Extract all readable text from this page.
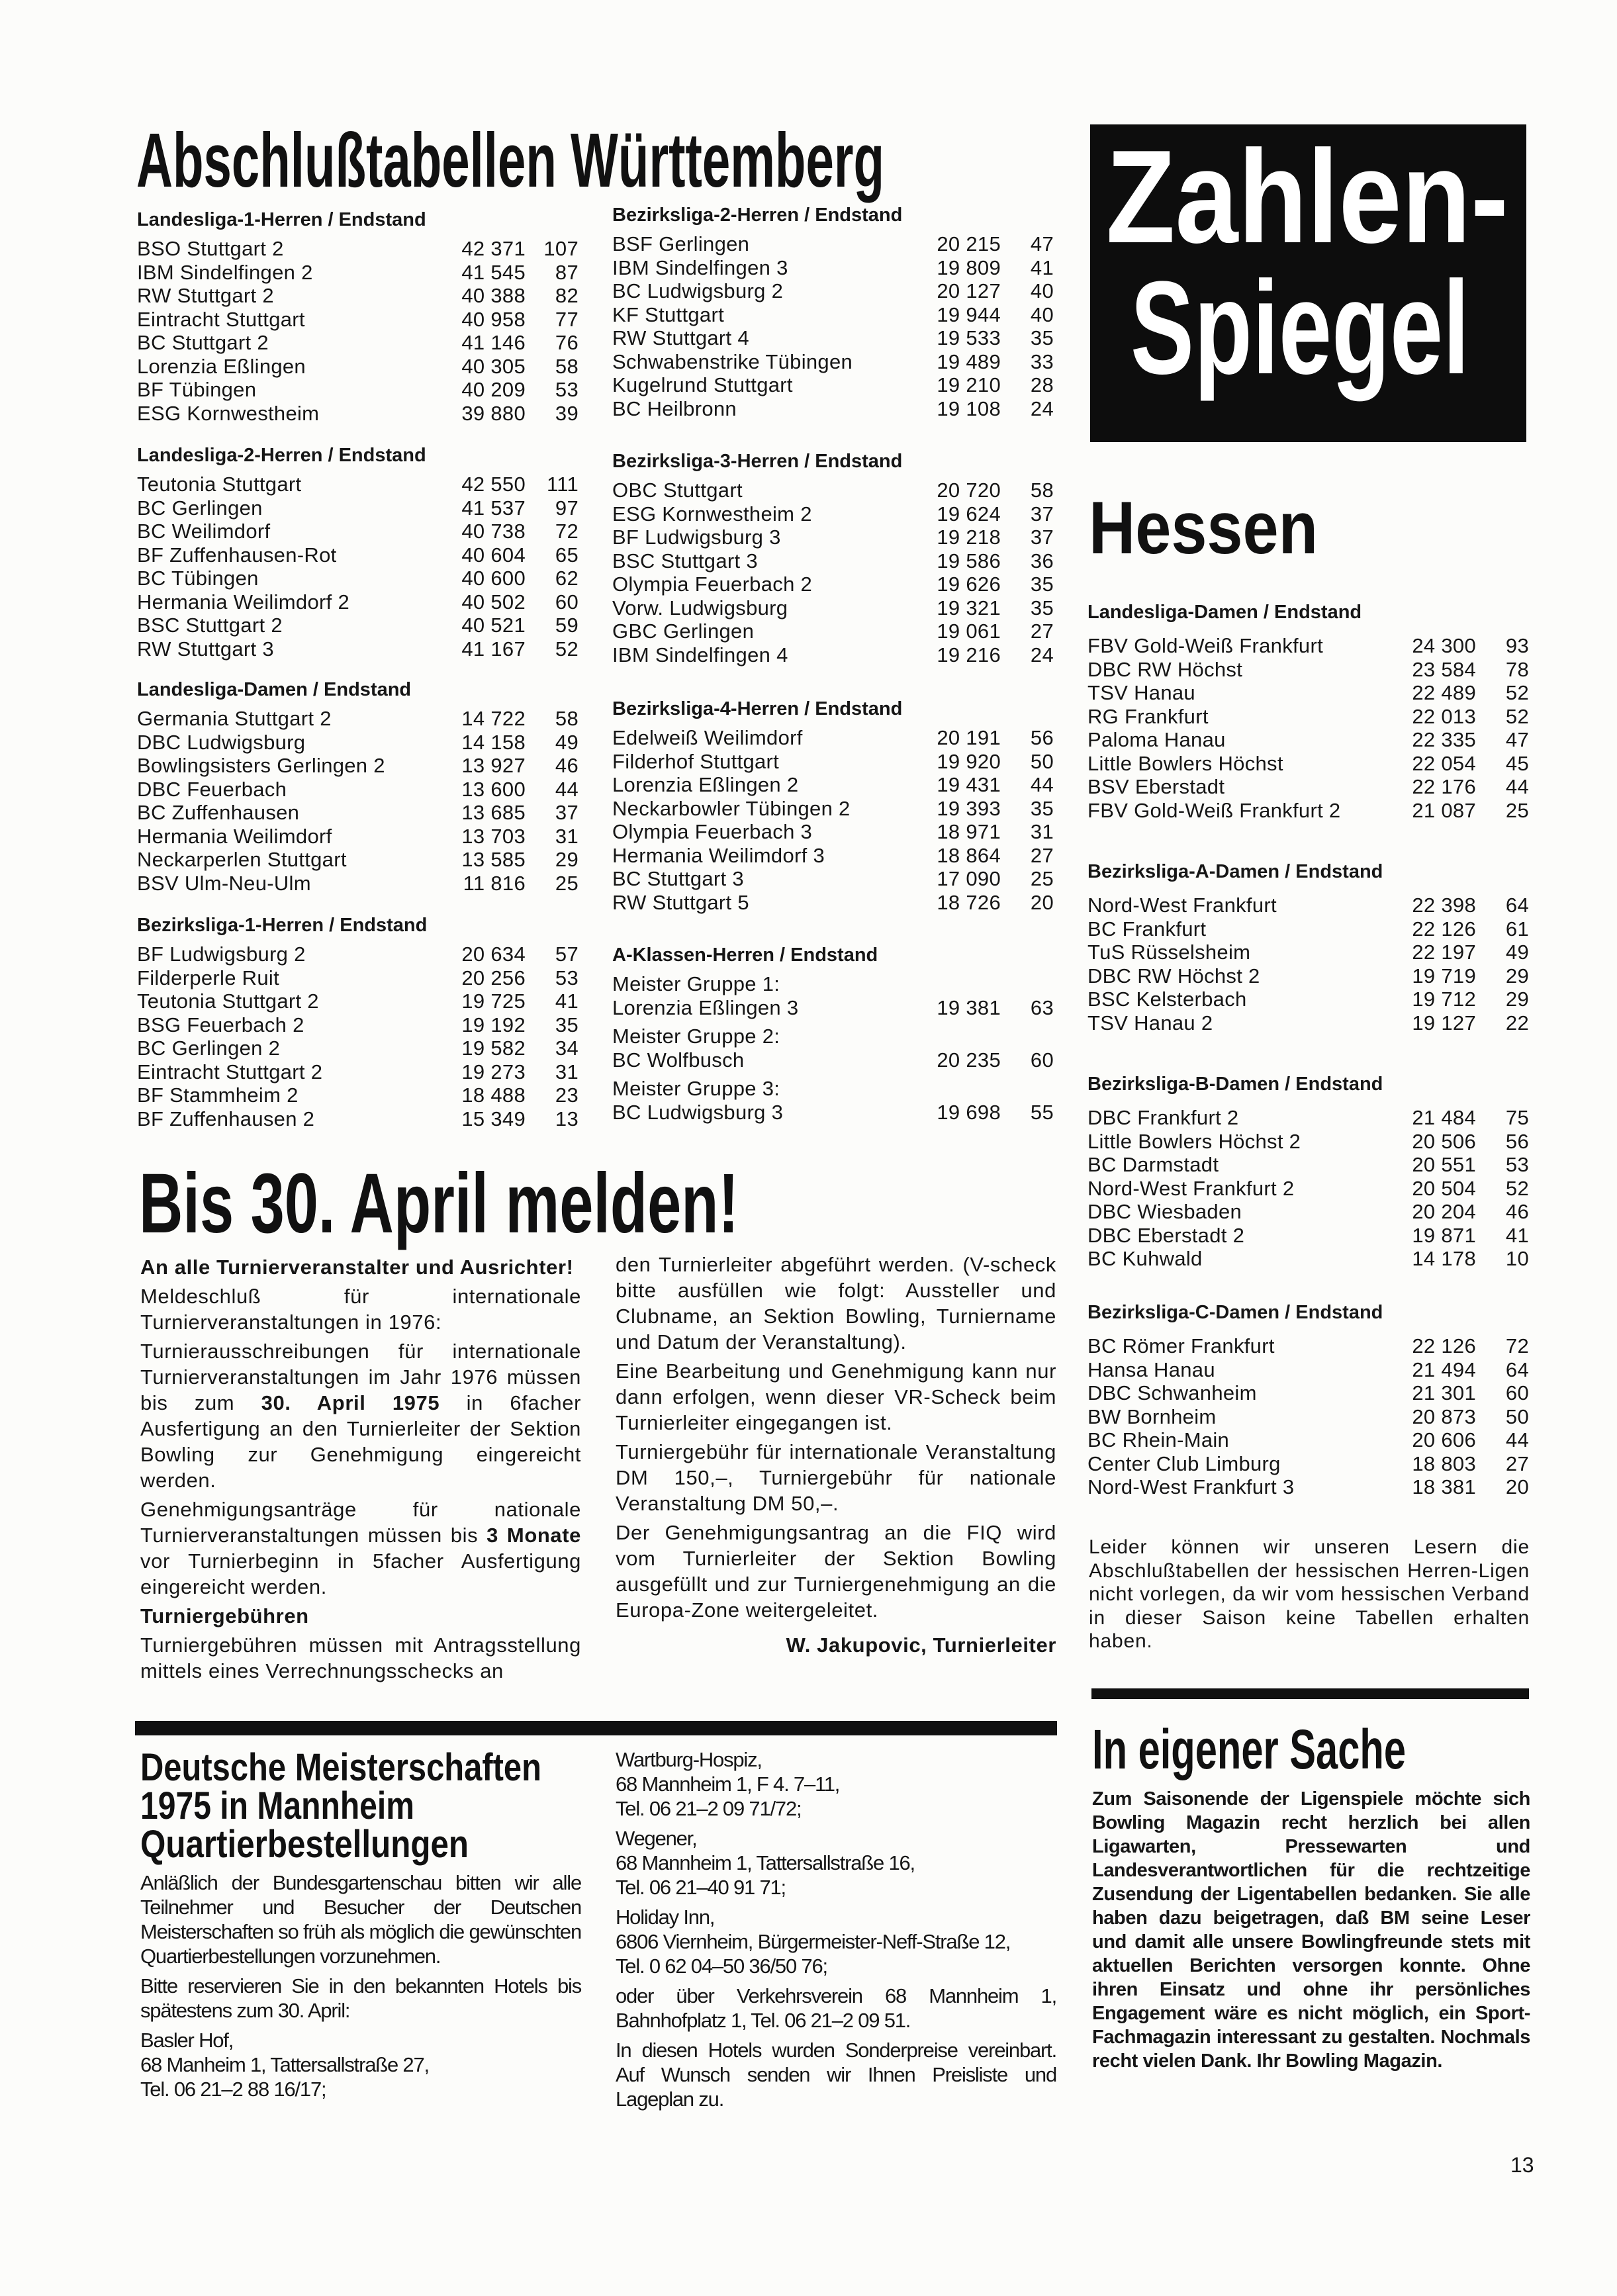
Abschlußtabellen Württemberg
Landesliga-1-Herren / Endstand
BSO Stuttgart 2	42 371 107
IBM Sindelfingen 2	41 545 87
RW Stuttgart 2	40 388 82
Eintracht Stuttgart	40 958 77
BC Stuttgart 2	41 146 76
Lorenzia Eßlingen	40 305 58
BF Tübingen	40 209 53
ESG Kornwestheim	39 880 39
Landesliga-2-Herren / Endstand
Teutonia Stuttgart	42 550 111
BC Gerlingen	41 537 97
BC Weilimdorf	40 738 72
BF Zuffenhausen-Rot	40 604 65
BC Tübingen	40 600 62
Hermania Weilimdorf 2	40 502 60
BSC Stuttgart 2	40 521 59
RW Stuttgart 3	41 167 52
Landesliga-Damen / Endstand
Germania Stuttgart 2	14 722 58
DBC Ludwigsburg	14 158 49
Bowlingsisters Gerlingen 2	13 927 46
DBC Feuerbach	13 600 44
BC Zuffenhausen	13 685 37
Hermania Weilimdorf	13 703 31
Neckarperlen Stuttgart	13 585 29
BSV Ulm-Neu-Ulm	11 816 25
Bezirksliga-1-Herren / Endstand
BF Ludwigsburg 2	20 634 57
Filderperle Ruit	20 256 53
Teutonia Stuttgart 2	19 725 41
BSG Feuerbach 2	19 192 35
BC Gerlingen 2	19 582 34
Eintracht Stuttgart 2	19 273 31
BF Stammheim 2	18 488 23
BF Zuffenhausen 2	15 349 13
Bezirksliga-2-Herren / Endstand
BSF Gerlingen	20 215 47
IBM Sindelfingen 3	19 809 41
BC Ludwigsburg 2	20 127 40
KF Stuttgart	19 944 40
RW Stuttgart 4	19 533 35
Schwabenstrike Tübingen	19 489 33
Kugelrund Stuttgart	19 210 28
BC Heilbronn	19 108 24
Bezirksliga-3-Herren / Endstand
OBC Stuttgart	20 720 58
ESG Kornwestheim 2	19 624 37
BF Ludwigsburg 3	19 218 37
BSC Stuttgart 3	19 586 36
Olympia Feuerbach 2	19 626 35
Vorw. Ludwigsburg	19 321 35
GBC Gerlingen	19 061 27
IBM Sindelfingen 4	19 216 24
Bezirksliga-4-Herren / Endstand
Edelweiß Weilimdorf	20 191 56
Filderhof Stuttgart	19 920 50
Lorenzia Eßlingen 2	19 431 44
Neckarbowler Tübingen 2	19 393 35
Olympia Feuerbach 3	18 971 31
Hermania Weilimdorf 3	18 864 27
BC Stuttgart 3	17 090 25
RW Stuttgart 5	18 726 20
A-Klassen-Herren / Endstand
Meister Gruppe 1:
Lorenzia Eßlingen 3	19 381 63
Meister Gruppe 2:
BC Wolfbusch	20 235 60
Meister Gruppe 3:
BC Ludwigsburg 3	19 698 55
Zahlen-
Spiegel
Hessen
Landesliga-Damen / Endstand
FBV Gold-Weiß Frankfurt	24 300 93
DBC RW Höchst	23 584 78
TSV Hanau	22 489 52
RG Frankfurt	22 013 52
Paloma Hanau	22 335 47
Little Bowlers Höchst	22 054 45
BSV Eberstadt	22 176 44
FBV Gold-Weiß Frankfurt 2	21 087 25
Bezirksliga-A-Damen / Endstand
Nord-West Frankfurt	22 398 64
BC Frankfurt	22 126 61
TuS Rüsselsheim	22 197 49
DBC RW Höchst 2	19 719 29
BSC Kelsterbach	19 712 29
TSV Hanau 2	19 127 22
Bezirksliga-B-Damen / Endstand
DBC Frankfurt 2	21 484 75
Little Bowlers Höchst 2	20 506 56
BC Darmstadt	20 551 53
Nord-West Frankfurt 2	20 504 52
DBC Wiesbaden	20 204 46
DBC Eberstadt 2	19 871 41
BC Kuhwald	14 178 10
Bezirksliga-C-Damen / Endstand
BC Römer Frankfurt	22 126 72
Hansa Hanau	21 494 64
DBC Schwanheim	21 301 60
BW Bornheim	20 873 50
BC Rhein-Main	20 606 44
Center Club Limburg	18 803 27
Nord-West Frankfurt 3	18 381 20
Leider können wir unseren Lesern die Abschlußtabellen der hessischen Herren-Ligen nicht vorlegen, da wir vom hessischen Verband in dieser Saison keine Tabellen erhalten haben.
Bis 30. April melden!

An alle Turnierveranstalter und Ausrichter!

Meldeschluß für internationale Turnierveranstaltungen in 1976:

Turnierausschreibungen für internationale Turnierveranstaltungen im Jahr 1976 müssen bis zum 30. April 1975 in 6facher Ausfertigung an den Turnierleiter der Sektion Bowling zur Genehmigung eingereicht werden.

Genehmigungsanträge für nationale Turnierveranstaltungen müssen bis 3 Monate vor Turnierbeginn in 5facher Ausfertigung eingereicht werden.

Turniergebühren

Turniergebühren müssen mit Antragsstellung mittels eines Verrechnungsschecks an

den Turnierleiter abgeführt werden. (V-scheck bitte ausfüllen wie folgt: Aussteller und Clubname, an Sektion Bowling, Turniername und Datum der Veranstaltung).

Eine Bearbeitung und Genehmigung kann nur dann erfolgen, wenn dieser VR-Scheck beim Turnierleiter eingegangen ist.

Turniergebühr für internationale Veranstaltung DM 150,–, Turniergebühr für nationale Veranstaltung DM 50,–.

Der Genehmigungsantrag an die FIQ wird vom Turnierleiter der Sektion Bowling ausgefüllt und zur Turniergenehmigung an die Europa-Zone weitergeleitet.

W. Jakupovic, Turnierleiter
Deutsche Meisterschaften
1975 in Mannheim
Quartierbestellungen

Anläßlich der Bundesgartenschau bitten wir alle Teilnehmer und Besucher der Deutschen Meisterschaften so früh als möglich die gewünschten Quartierbestellungen vorzunehmen.

Bitte reservieren Sie in den bekannten Hotels bis spätestens zum 30. April:

Basler Hof,
68 Manheim 1, Tattersallstraße 27,
Tel. 06 21–2 88 16/17;

Wartburg-Hospiz,
68 Mannheim 1, F 4. 7–11,
Tel. 06 21–2 09 71/72;

Wegener,
68 Mannheim 1, Tattersallstraße 16,
Tel. 06 21–40 91 71;

Holiday Inn,
6806 Viernheim, Bürgermeister-Neff-Straße 12,
Tel. 0 62 04–50 36/50 76;

oder über Verkehrsverein 68 Mannheim 1, Bahnhofplatz 1, Tel. 06 21–2 09 51.

In diesen Hotels wurden Sonderpreise vereinbart. Auf Wunsch senden wir Ihnen Preisliste und Lageplan zu.

In eigener Sache
Zum Saisonende der Ligenspiele möchte sich Bowling Magazin recht herzlich bei allen Ligawarten, Pressewarten und Landesverantwortlichen für die rechtzeitige Zusendung der Ligentabellen bedanken. Sie alle haben dazu beigetragen, daß BM seine Leser und damit alle unsere Bowlingfreunde stets mit aktuellen Berichten versorgen konnte. Ohne ihren Einsatz und ohne ihr persönliches Engagement wäre es nicht möglich, ein Sport-Fachmagazin interessant zu gestalten. Nochmals recht vielen Dank. Ihr Bowling Magazin.
13
